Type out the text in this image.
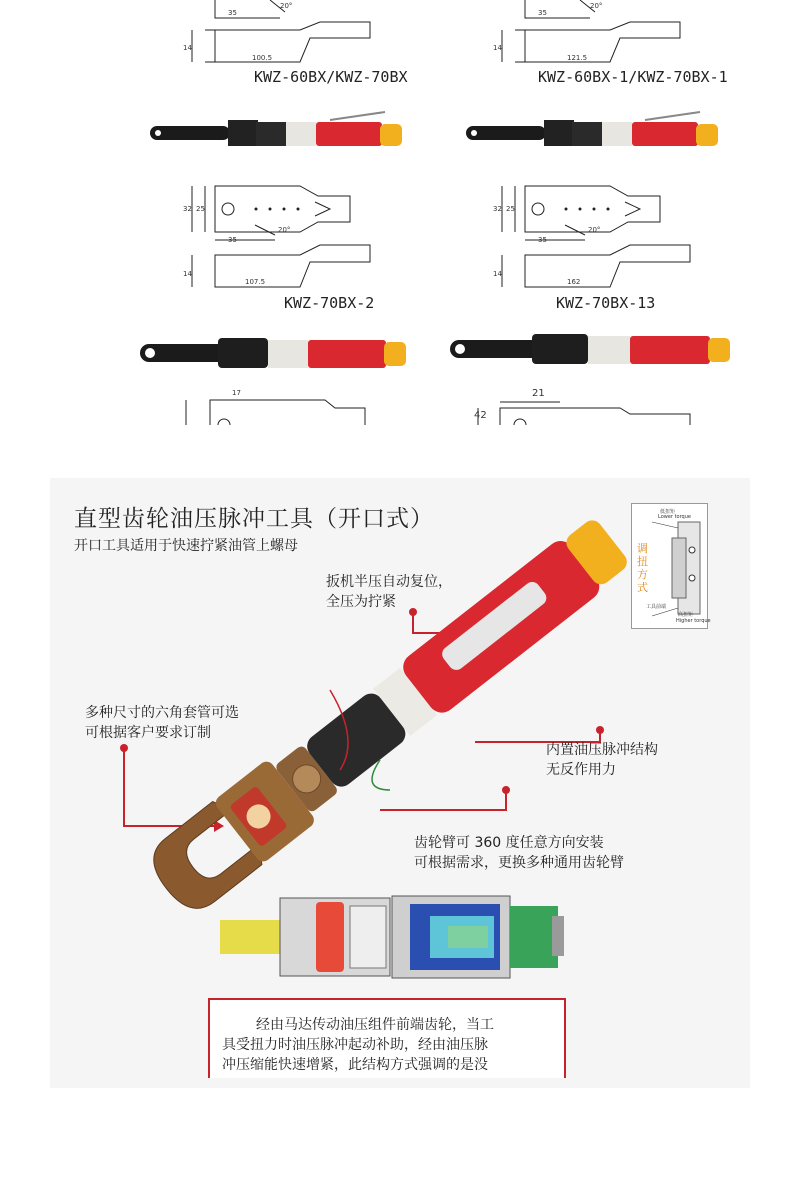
35
20°
35
20°
14	14
100.5	121.5
KWZ-60BX/KWZ-70BX	KWZ-60BX-1/KWZ-70BX-1
32 25
35
20°
32 25
35
20°
14	14
107.5	162
KWZ-70BX-2	KWZ-70BX-13
17	21
42
直型齿轮油压脉冲工具（开口式）
开口工具适用于快速拧紧油管上螺母
低扭矩
Lower torque
调
扭
方
式
工具前端
高扭矩
Higher torque
扳机半压自动复位，
全压为拧紧
多种尺寸的六角套管可选
可根据客户要求订制
内置油压脉冲结构
无反作用力
齿轮臂可 360 度任意方向安装
可根据需求，更换多种通用齿轮臂
经由马达传动油压组件前端齿轮，当工
具受扭力时油压脉冲起动补助，经由油压脉
冲压缩能快速增紧，此结构方式强调的是没
